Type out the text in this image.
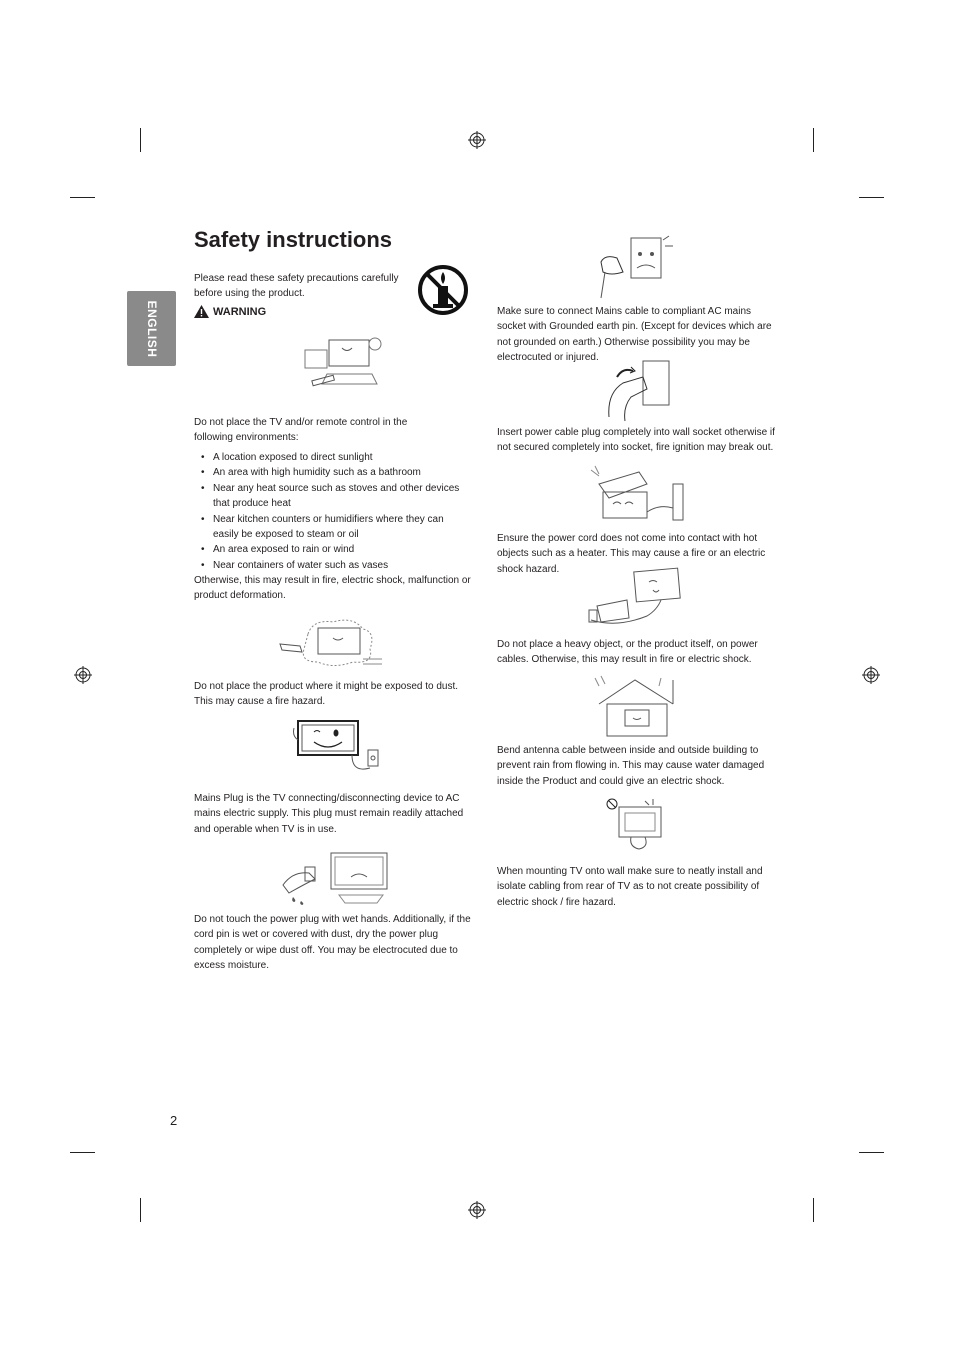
ENGLISH
Safety instructions

Please read these safety precautions carefully before using the product.

WARNING

Do not place the TV and/or remote control in the following environments:

• A location exposed to direct sunlight
• An area with high humidity such as a bathroom
• Near any heat source such as stoves and other devices that produce heat
• Near kitchen counters or humidifiers where they can easily be exposed to steam or oil
• An area exposed to rain or wind
• Near containers of water such as vases

Otherwise, this may result in fire, electric shock, malfunction or product deformation.

Do not place the product where it might be exposed to dust. This may cause a fire hazard.

Mains Plug is the TV connecting/disconnecting device to AC mains electric supply. This plug must remain readily attached and operable when TV is in use.

Do not touch the power plug with wet hands. Additionally, if the cord pin is wet or covered with dust, dry the power plug completely or wipe dust off. You may be electrocuted due to excess moisture.

Make sure to connect Mains cable to compliant AC mains socket with Grounded earth pin. (Except for devices which are not grounded on earth.) Otherwise possibility you may be electrocuted or injured.

Insert power cable plug completely into wall socket otherwise if not secured completely into socket, fire ignition may break out.

Ensure the power cord does not come into contact with hot objects such as a heater. This may cause a fire or an electric shock hazard.

Do not place a heavy object, or the product itself, on power cables. Otherwise, this may result in fire or electric shock.

Bend antenna cable between inside and outside building to prevent rain from flowing in. This may cause water damaged inside the Product and could give an electric shock.

When mounting TV onto wall make sure to neatly install and isolate cabling from rear of TV as to not create possibility of electric shock / fire hazard.

2
